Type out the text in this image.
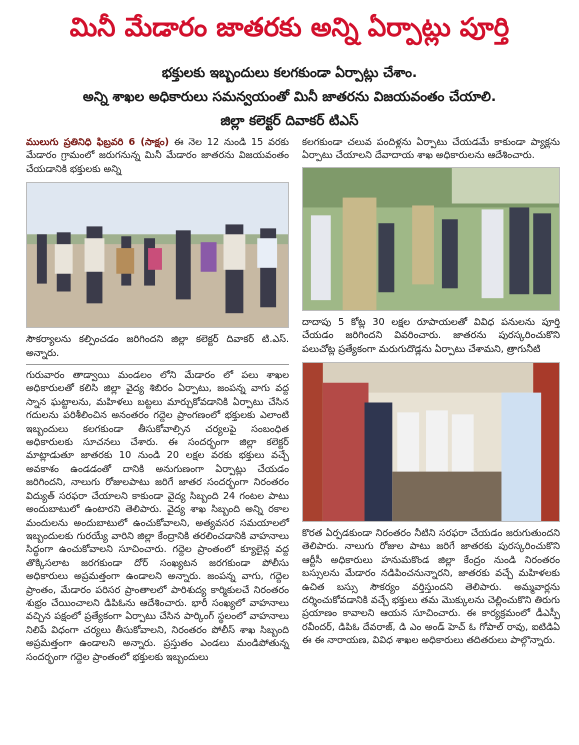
మినీ మేడారం జాతరకు అన్ని ఏర్పాట్లు పూర్తి
భక్తులకు ఇబ్బందులు కలగకుండా ఏర్పాట్లు చేశాం.
అన్ని శాఖల అధికారులు సమన్వయంతో మినీ జాతరను విజయవంతం చేయాలి.
జిల్లా కలెక్టర్ దివాకర్ టిఎస్
ములుగు ప్రతినిధి ఫిబ్రవరి 6 (సాక్షం) ఈ నెల 12 నుండి 15 వరకు మేడారం గ్రామంలో జరుగనున్న మినీ మేడారం జాతరను విజయవంతం చేయడానికి భక్తులకు అన్ని
సౌకర్యాలను కల్పించడం జరిగిందని జిల్లా కలెక్టర్ దివాకర్ టి.ఎస్. అన్నారు.
గురువారం తాడ్వాయి మండలం లోని మేడారం లో పలు శాఖల అధికారులతో కలిసి జిల్లా వైద్య శిబిరం ఏర్పాటు, జంపన్న వాగు వద్ద స్నాన ఘట్టాలను, మహిళలు బట్టలు మార్చుకోవడానికి ఏర్పాటు చేసిన గదులను పరిశీలించిన అనంతరం గద్దెల ప్రాంగణంలో భక్తులకు ఎలాంటి ఇబ్బందులు కలగకుండా తీసుకోవాల్సిన చర్యలపై సంబంధిత అధికారులకు సూచనలు చేశారు. ఈ సందర్భంగా జిల్లా కలెక్టర్ మాట్లాడుతూ జాతరకు 10 నుండి 20 లక్షల వరకు భక్తులు వచ్చే అవకాశం ఉండడంతో దానికి అనుగుణంగా ఏర్పాట్లు చేయడం జరిగిందని, నాలుగు రోజులపాటు జరిగే జాతర సందర్భంగా నిరంతరం విద్యుత్ సరఫరా చేయాలని కాకుండా వైద్య సిబ్బంది 24 గంటల పాటు అందుబాటులో ఉంటారని తెలిపారు. వైద్య శాఖ సిబ్బంది అన్ని రకాల మందులను అందుబాటులో ఉంచుకోవాలని, అత్యవసర సమయాలలో ఇబ్బందులకు గురయ్యే వారిని జిల్లా కేంద్రానికి తరలించడానికి వాహనాలు సిద్ధంగా ఉంచుకోవాలని సూచించారు. గద్దెల ప్రాంతంలో క్యూలైన్ల వద్ద తొక్కిసలాట జరగకుండా దోర్ సంఖ్యటన జరగకుండా పోలీసు అధికారులు అప్రమత్తంగా ఉండాలని అన్నారు. జంపన్న వాగు, గద్దెల ప్రాంతం, మేడారం పరిసర ప్రాంతాలలో పారిశుద్య కార్మికులచే నిరంతరం శుభ్రం చేయించాలని డిపిఓను ఆదేశించారు. భారీ సంఖ్యలో వాహనాలు వచ్చిన పక్షంలో ప్రత్యేకంగా ఏర్పాటు చేసిన పార్కింగ్ స్థలంలో వాహనాలు నిలిపే విధంగా చర్యలు తీసుకోవాలని, నిరంతరం పోలీస్ శాఖ సిబ్బంది అప్రమత్తంగా ఉండాలని అన్నారు. ప్రస్తుతం ఎండలు మండిపోతున్న సందర్భంగా గద్దెల ప్రాంతంలో భక్తులకు ఇబ్బందులు
కలగకుండా చలువ పందిళ్లను ఏర్పాటు చేయడమే కాకుండా ప్యాక్లను ఏర్పాటు చేయాలని దేవాదాయ శాఖ అధికారులను ఆదేశించారు.
దాదాపు 5 కోట్ల 30 లక్షల రూపాయలతో వివిధ పనులను పూర్తి చేయడం జరిగిందని వివరించారు. జాతరను పురస్కరించుకొని పలుచోట్ల ప్రత్యేకంగా మరుగుదొడ్లను ఏర్పాటు చేశామని, త్రాగునీటి
కొరత ఏర్పడకుండా నిరంతరం నీటిని సరఫరా చేయడం జరుగుతుందని తెలిపారు. నాలుగు రోజుల పాటు జరిగే జాతరకు పురస్కరించుకొని ఆర్టీసీ అధికారులు హనుమకొండ జిల్లా కేంద్రం నుండి నిరంతరం బస్సులను మేడారం నడిపించనున్నారని, జాతరకు వచ్చే మహిళలకు ఉచిత బస్సు సౌకర్యం వర్తిస్తుందని తెలిపారు. అమ్మవార్లను దర్శించుకోవడానికి వచ్చే భక్తులు తమ మొక్కులను చెల్లించుకొని తిరుగు ప్రయాణం కావాలని ఆయన సూచించారు. ఈ కార్యక్రమంలో డీఎస్పీ రవీందర్, డిపిఓ దేవరాజ్, డి ఎం అండ్ హెచ్ ఓ గోపాల్ రావు, ఐటిడిఏ ఈ ఈ నారాయణ, వివిధ శాఖల అధికారులు తదితరులు పాల్గొన్నారు.
